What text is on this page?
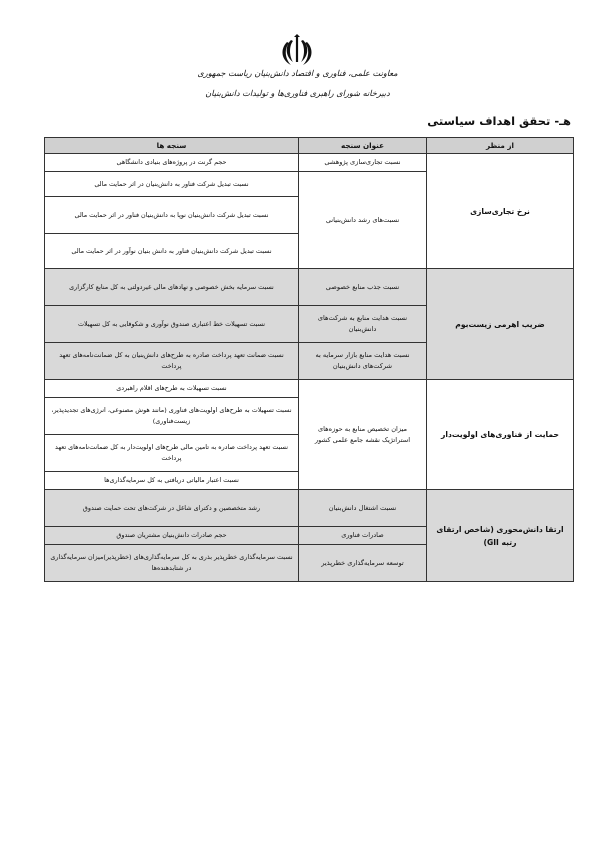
معاونت علمی، فناوری و اقتصاد دانش‌بنیان ریاست جمهوری
دبیرخانه شورای راهبری فناوری‌ها و تولیدات دانش‌بنیان
هـ- تحقق اهداف سیاستی
از منظر	عنوان سنجه	سنجه ها
نرخ تجاری‌سازی	نسبت تجاری‌سازی پژوهشی	حجم گرنت در پروژه‌های بنیادی دانشگاهی
	نسبت‌های رشد دانش‌بنیانی	نسبت تبدیل شرکت فناور به دانش‌بنیان در اثر حمایت مالی
		نسبت تبدیل شرکت دانش‌بنیان نوپا به دانش‌بنیان فناور در اثر حمایت مالی
		نسبت تبدیل شرکت دانش‌بنیان فناور به دانش بنیان نوآور در اثر حمایت مالی

ضریب اهرمی زیست‌بوم	نسبت جذب منابع خصوصی	نسبت سرمایه بخش خصوصی و نهادهای مالی غیردولتی به کل منابع کارگزاری
	نسبت هدایت منابع به شرکت‌های دانش‌بنیان	نسبت تسهیلات خط اعتباری صندوق نوآوری و شکوفایی به کل تسهیلات
	نسبت هدایت منابع بازار سرمایه به شرکت‌های دانش‌بنیان	نسبت ضمانت تعهد پرداخت صادره به طرح‌های دانش‌بنیان به کل ضمانت‌نامه‌های تعهد پرداخت
حمایت از فناوری‌های اولویت‌دار	میزان تخصیص منابع به حوزه‌های استراتژیک نقشه جامع علمی کشور	نسبت تسهیلات به طرح‌های اقلام راهبردی
		نسبت تسهیلات به طرح‌های اولویت‌های فناوری (مانند هوش مصنوعی، انرژی‌های تجدیدپذیر، زیست‌فناوری)
		نسبت تعهد پرداخت صادره به تامین مالی طرح‌های اولویت‌دار به کل ضمانت‌نامه‌های تعهد پرداخت
		نسبت اعتبار مالیاتی دریافتی به کل سرمایه‌گذاری‌ها
ارتقا دانش‌محوری (شاخص ارتقای رتبه GII)	نسبت اشتغال دانش‌بنیان	رشد متخصصین و دکترای شاغل در شرکت‌های تحت حمایت صندوق
	صادرات فناوری	حجم صادرات دانش‌بنیان مشتریان صندوق
	توسعه سرمایه‌گذاری خطرپذیر	نسبت سرمایه‌گذاری خطرپذیر بذری به کل سرمایه‌گذاری‌های (خطرپذیر)میزان سرمایه‌گذاری در شتابدهنده‌ها
